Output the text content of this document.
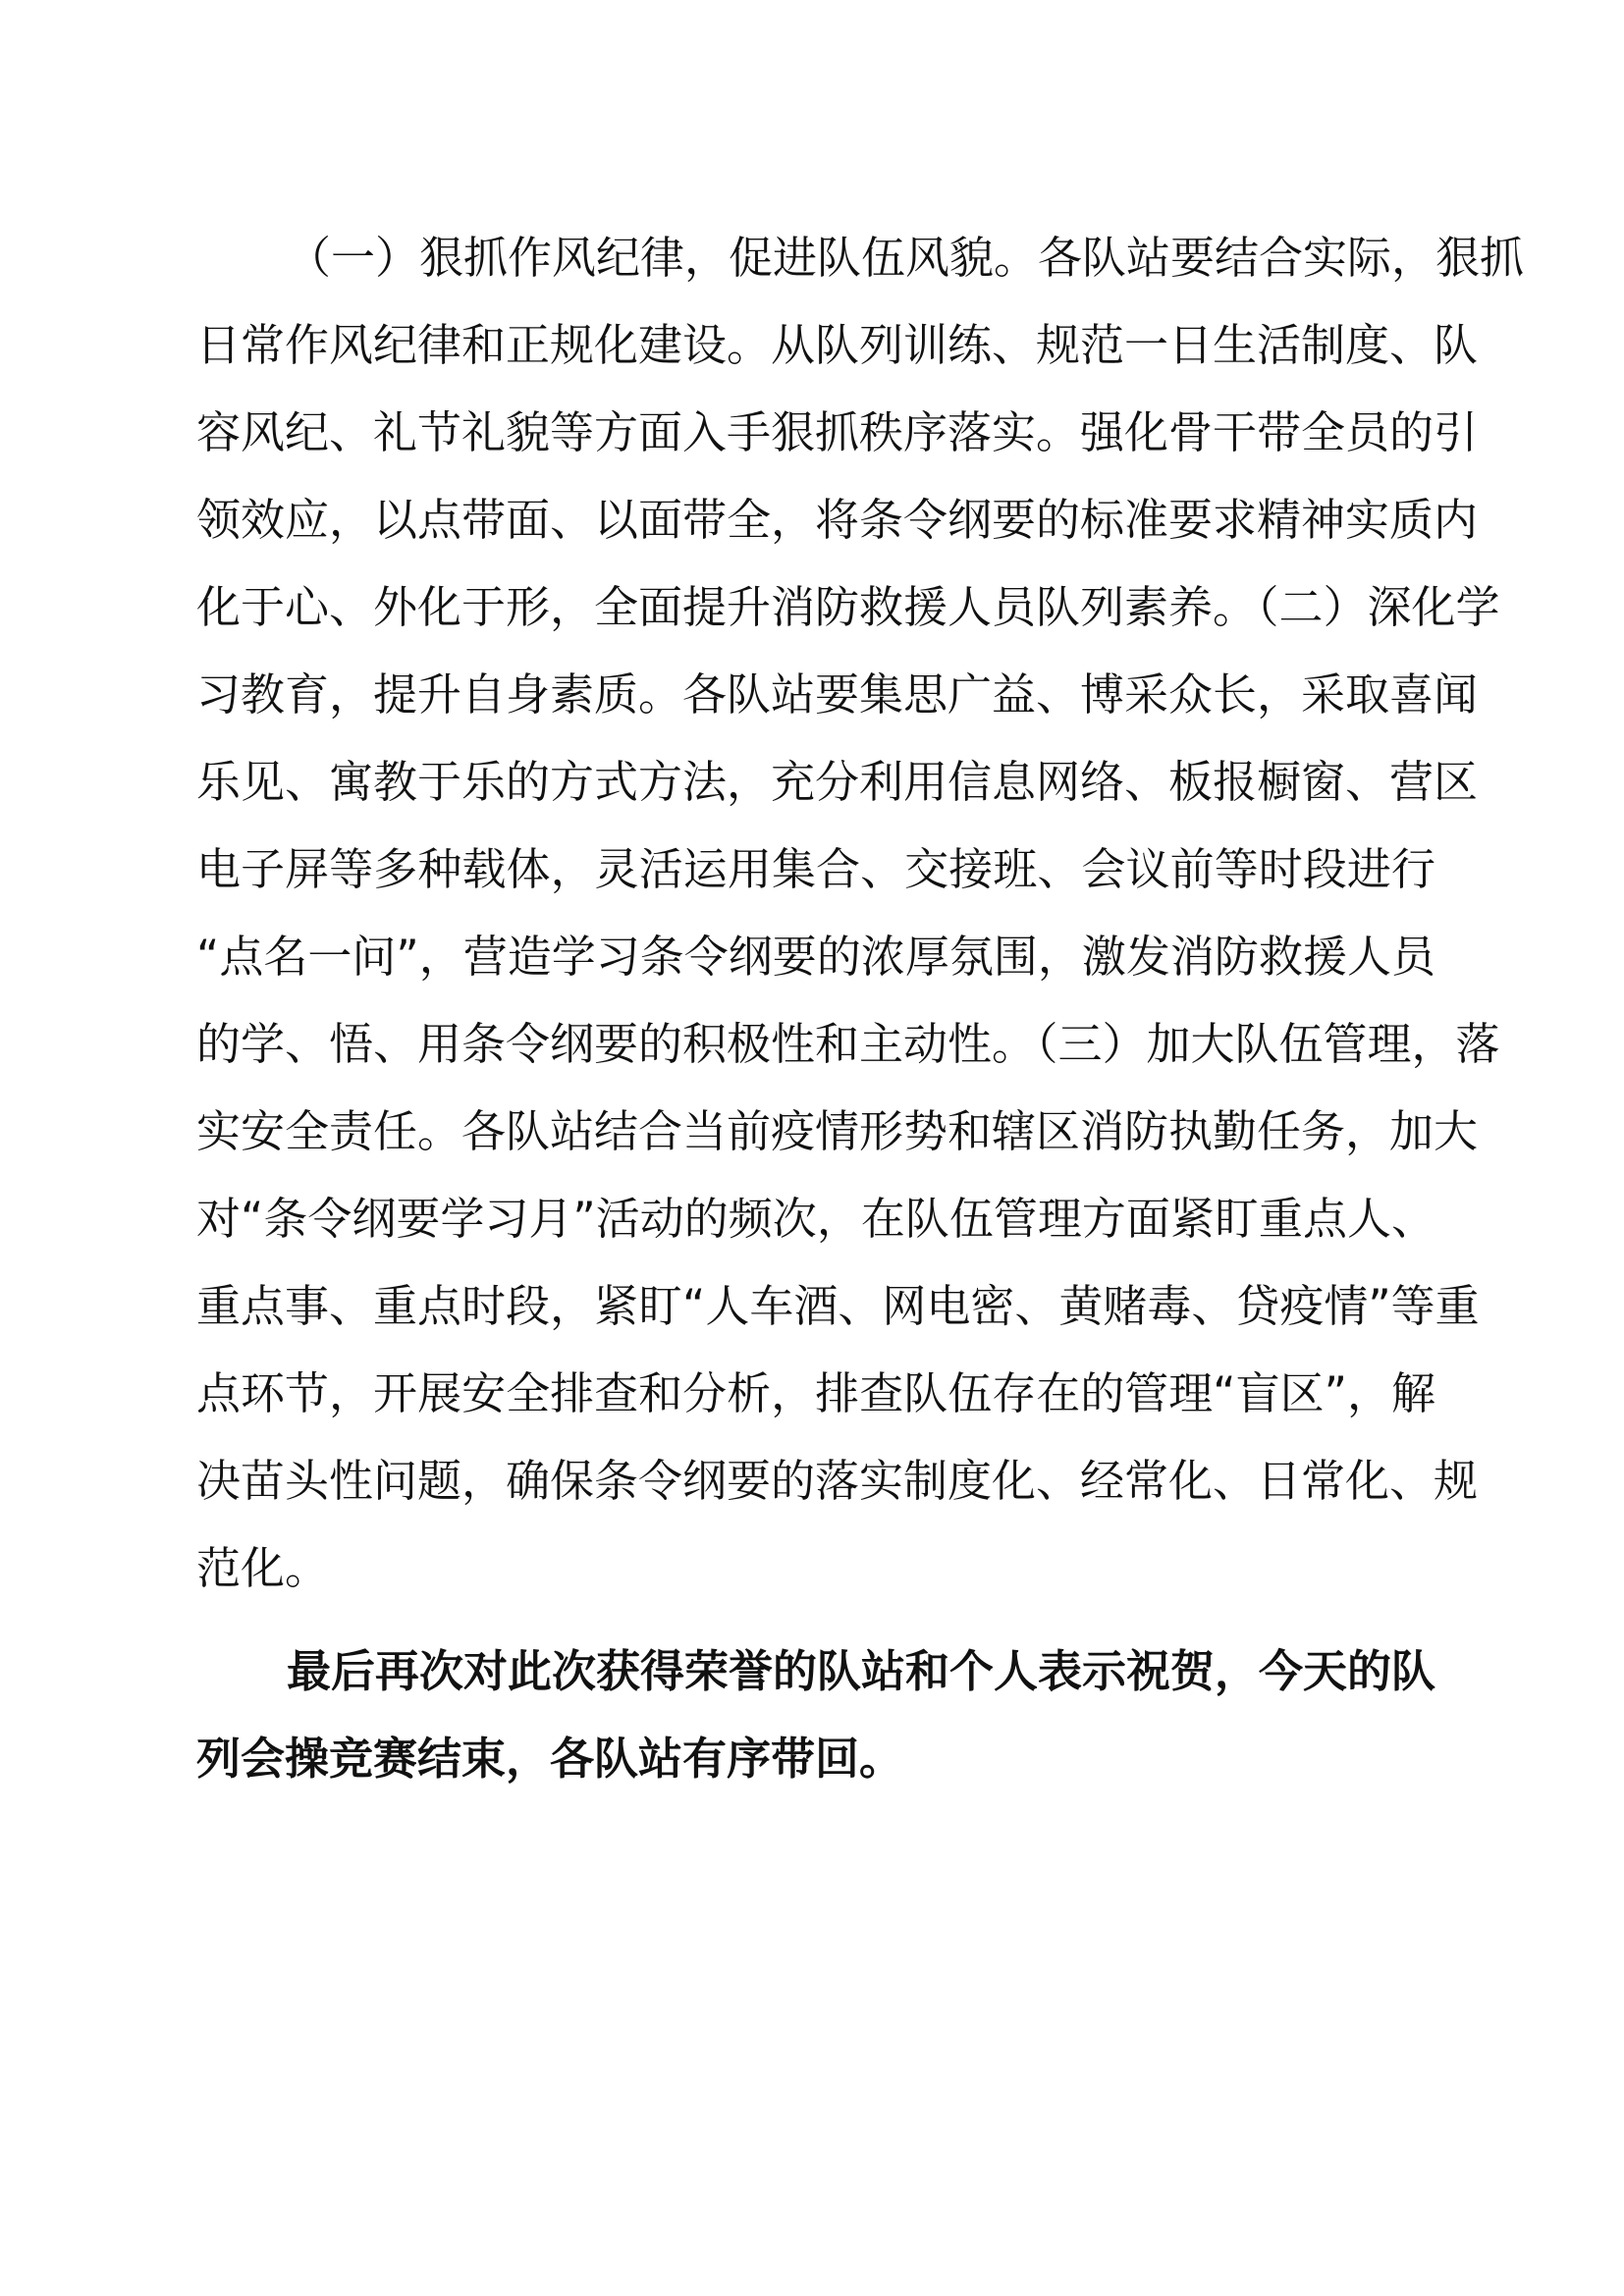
（一）狠抓作风纪律，促进队伍风貌。各队站要结合实际，狠抓
日常作风纪律和正规化建设。从队列训练、规范一日生活制度、队
容风纪、礼节礼貌等方面入手狠抓秩序落实。强化骨干带全员的引
领效应，以点带面、以面带全，将条令纲要的标准要求精神实质内
化于心、外化于形，全面提升消防救援人员队列素养。（二）深化学
习教育，提升自身素质。各队站要集思广益、博采众长，采取喜闻
乐见、寓教于乐的方式方法，充分利用信息网络、板报橱窗、营区
电子屏等多种载体，灵活运用集合、交接班、会议前等时段进行
“点名一问”，营造学习条令纲要的浓厚氛围，激发消防救援人员
的学、悟、用条令纲要的积极性和主动性。（三）加大队伍管理，落
实安全责任。各队站结合当前疫情形势和辖区消防执勤任务，加大
对“条令纲要学习月”活动的频次，在队伍管理方面紧盯重点人、
重点事、重点时段，紧盯“人车酒、网电密、黄赌毒、贷疫情”等重
点环节，开展安全排查和分析，排查队伍存在的管理“盲区”，解
决苗头性问题，确保条令纲要的落实制度化、经常化、日常化、规
范化。
最后再次对此次获得荣誉的队站和个人表示祝贺，今天的队
列会操竞赛结束，各队站有序带回。
